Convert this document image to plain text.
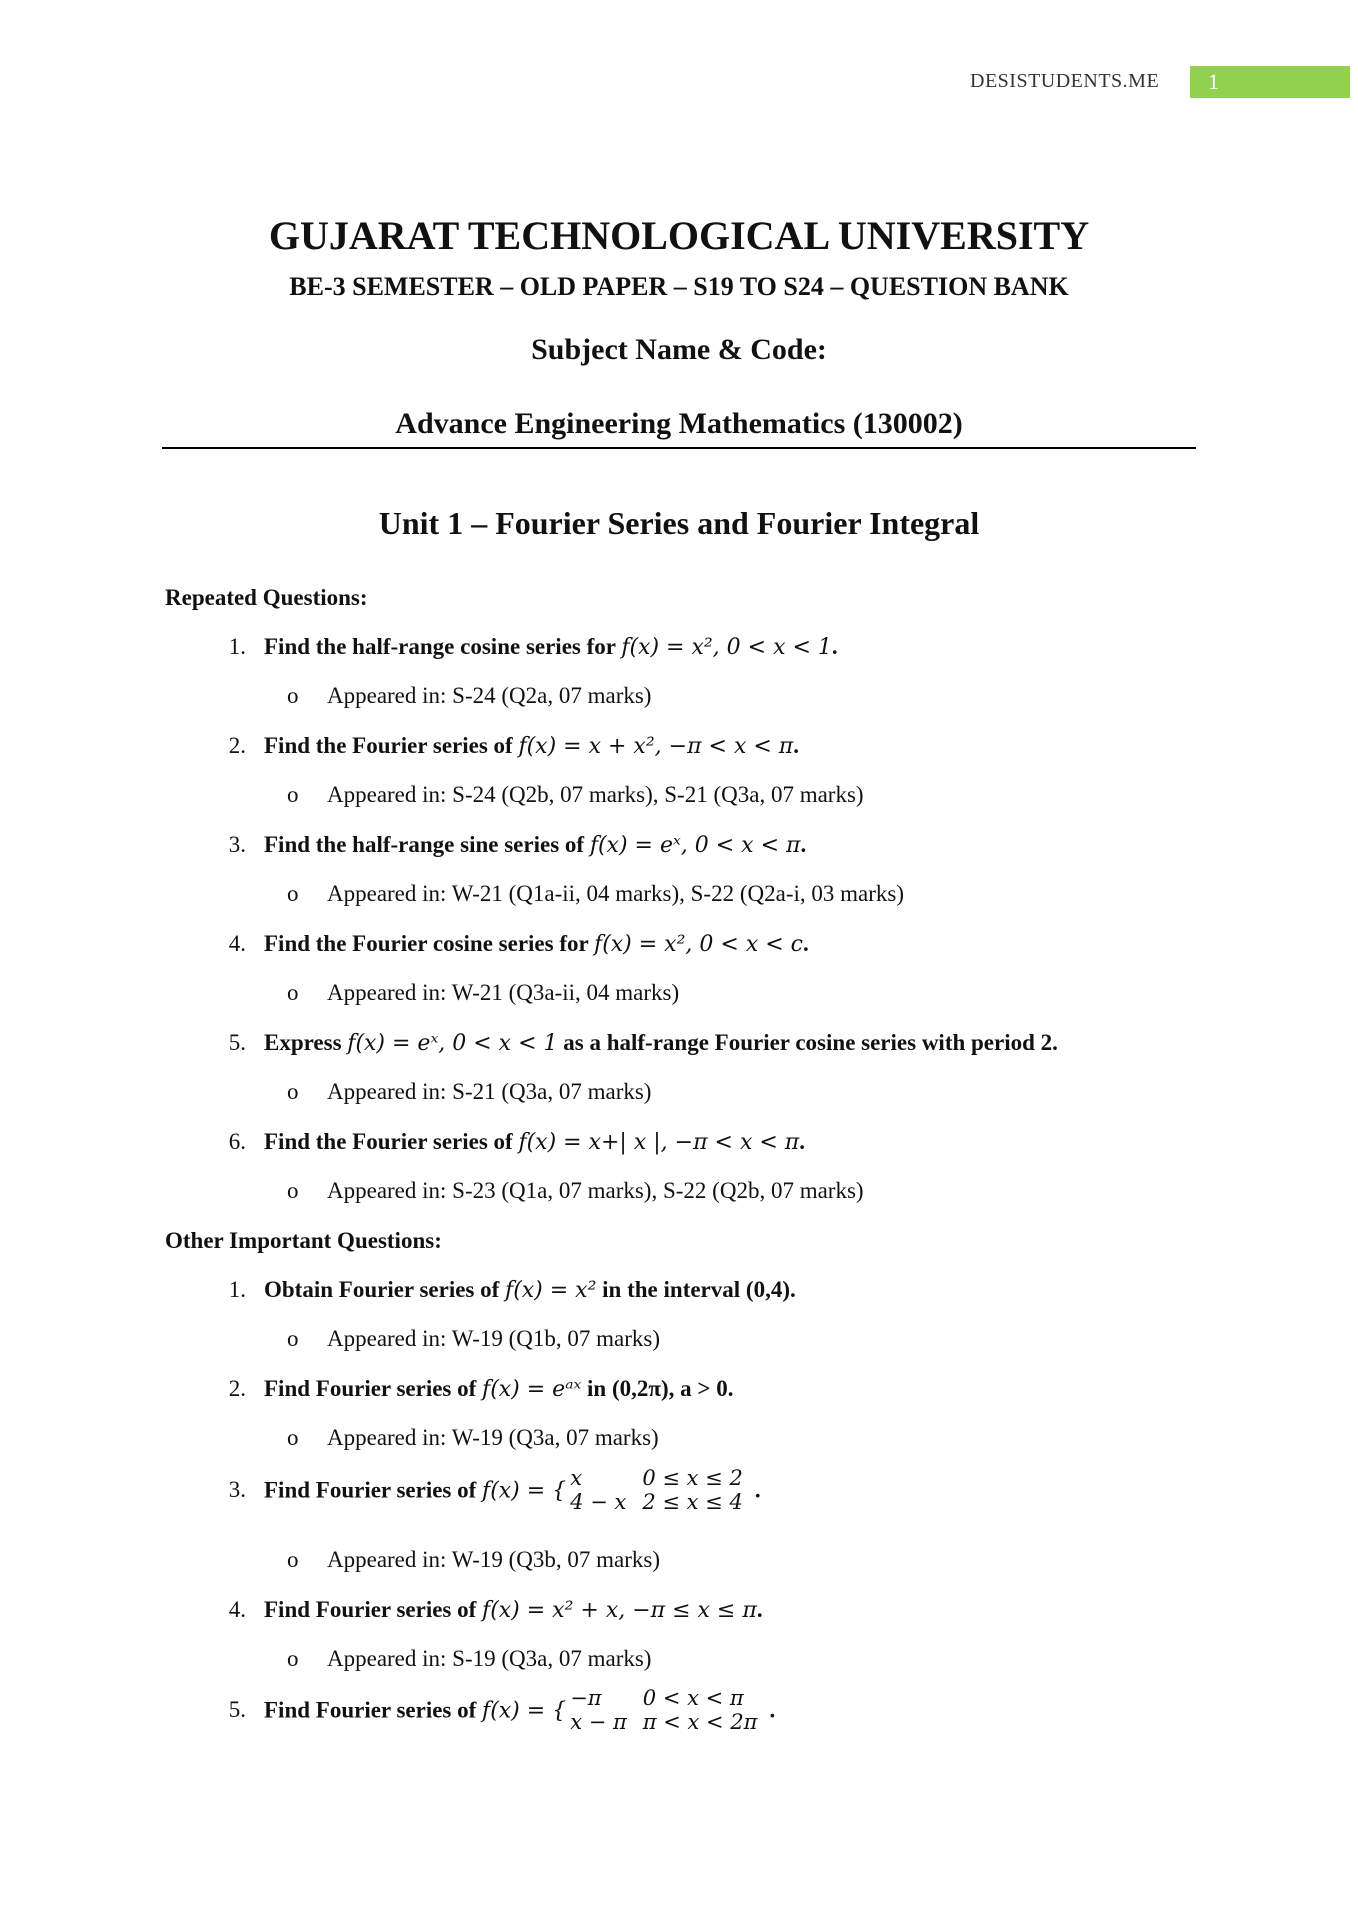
DESISTUDENTS.ME	1
GUJARAT TECHNOLOGICAL UNIVERSITY
BE-3 SEMESTER – OLD PAPER – S19 TO S24 – QUESTION BANK
Subject Name & Code:
Advance Engineering Mathematics (130002)
Unit 1 – Fourier Series and Fourier Integral
Repeated Questions:
1. Find the half-range cosine series for f(x) = x², 0 < x < 1.
o Appeared in: S-24 (Q2a, 07 marks)
2. Find the Fourier series of f(x) = x + x², −π < x < π.
o Appeared in: S-24 (Q2b, 07 marks), S-21 (Q3a, 07 marks)
3. Find the half-range sine series of f(x) = eˣ, 0 < x < π.
o Appeared in: W-21 (Q1a-ii, 04 marks), S-22 (Q2a-i, 03 marks)
4. Find the Fourier cosine series for f(x) = x², 0 < x < c.
o Appeared in: W-21 (Q3a-ii, 04 marks)
5. Express f(x) = eˣ, 0 < x < 1 as a half-range Fourier cosine series with period 2.
o Appeared in: S-21 (Q3a, 07 marks)
6. Find the Fourier series of f(x) = x+| x |, −π < x < π.
o Appeared in: S-23 (Q1a, 07 marks), S-22 (Q2b, 07 marks)
Other Important Questions:
1. Obtain Fourier series of f(x) = x² in the interval (0,4).
o Appeared in: W-19 (Q1b, 07 marks)
2. Find Fourier series of f(x) = eᵃˣ in (0,2π), a > 0.
o Appeared in: W-19 (Q3a, 07 marks)
3. Find Fourier series of f(x) = {x	0 ≤ x ≤ 2
4 − x	2 ≤ x ≤ 4 .
o Appeared in: W-19 (Q3b, 07 marks)
4. Find Fourier series of f(x) = x² + x, −π ≤ x ≤ π.
o Appeared in: S-19 (Q3a, 07 marks)
5. Find Fourier series of f(x) = {−π	0 < x < π
x − π	π < x < 2π .
